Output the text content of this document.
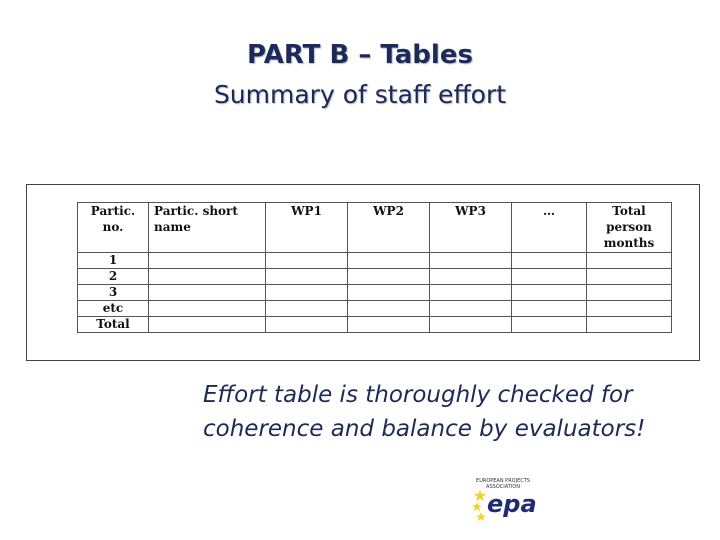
PART B – Tables
Summary of staff effort
Partic. no.	Partic. short name	WP1	WP2	WP3	…	Total person months
1						
2						
3						
etc						
Total						
Effort table is thoroughly checked for coherence and balance by evaluators!
EUROPEAN PROJECTS ASSOCIATION
epa
